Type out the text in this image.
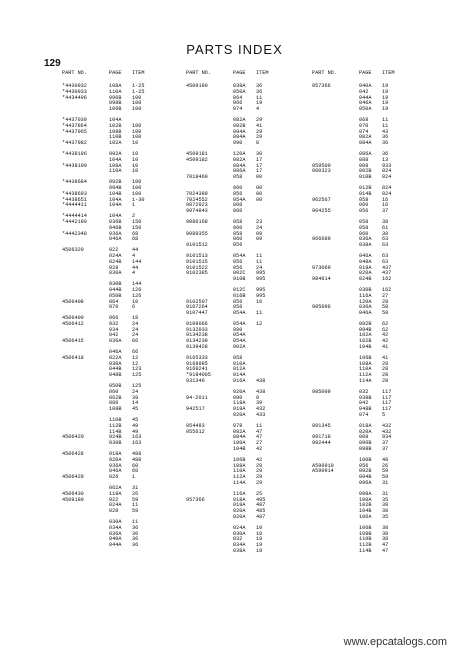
129
PARTS INDEX
PART NO.	PAGE ITEM
*4430932	108A 1-25
*4430933	110A 1-25
*4434496	096B 100
098B 100
106B 100
*4437039	104A
*4437864	102B 100
*4437965	108B 100
110B 100
*4437982	102A 10
*4438196	092A 10
104A 10
*4438199	108A 10
110A 10
*4438684	092B 100
094B 100
*4438693	104B 100
*4438651	104A 1-30
*4444411	104A 1
*4444414	104A 2
*4442180	036B 150
046B 150
*4442348	036A 68
046A 68
4506320	022	44
024A 4
024B 144
028	44
030A 4
030B 144
044B 126
050B 126
4506408	064	10
076	6
4506409	066	18
4506412	032	24
034	24
042	24
4506415	036A 66
046A 66
4506418	022A 12
030A 12
044B 123
048B 125
050B 125
060	24
062B 39
086	14
108B 45
110B 45
112B 49
114B 49
4506420	024B 163
030B 163
4506428	018A 488
020A 488
036A 60
046A 60
4506429	026	1
062A 31
4506430	118A 26
4509180	022	59
024A 11
028	59
030A 11
034A 36
036A 36
040A 36
044A 36
PART NO.	PAGE ITEM
4509180	038A 36
050A 36
064	11
066	19
074	4
082A 29
082B 41
084A 29
084A 29
090	8
4509181	120A 30
4509182	082A 17
084A 17
086A 17
7018460	058	00
060	00
7024389	056	00
7024552	054A 00
9072923	060
9074843	060
9086168	058	23
060	24
9089355	058	09
060	09
9101512	056
9101513	054A 11
9101515	056	11
9101522	056	24
9102385	002C 995
010B 995
012C 995
016B 995
9102507	056	16
9107264	056
9107447	054A 11
9108066	054A 12
9132033	080
9134238	054A
9134239	054A
9139428	002A
9165333	058
9168985	010A
9169241	012A
*9184005	014A
931346	016A 438
020A 438
94-2011	090	9
118A 39
942517	018A 432
020A 433
954493	078	11
955612	082A 47
084A 47
100A 27
104B 42
106B 42
108A 29
110A 29
112A 29
114A 29
116A 25
957366	018A 485
018A 487
020A 485
020A 487
024A 10
030A 10
032	19
034A 19
038A 19
PART NO.	PAGE ITEM
957366	040A 19
042	19
044A 19
046A 19
050A 19
068	11
070	11
074	43
082A 36
084A 36
086A 36
088	13
959500	008	933
960323	002B 824
010B 824
012B 824
014B 824
962567	058	16
060	16
964255	056	37
058	38
058	61
060	38
966689	036A 63
038A 63
046A 63
048A 63
973069	018A 437
020A 437
984614	024B 162
030B 162
116A 27
120A 28
985096	036A 58
046A 58
092B 62
094B 62
102A 42
102B 42
104B 41
106B 41
108A 28
110A 28
112A 28
114A 28
985099	032	117
038B 117
042	117
048B 117
074	5
991345	018A 432
020A 432
991718	008	934
992444	096B 37
098B 37
100B 48
A590910	056	26
A590914	092B 59
094B 59
096A 31
098A 31
100A 35
102B 38
104B 38
106A 35
106B 38
108B 38
110B 38
112B 47
114B 47
www.epcatalogs.com
